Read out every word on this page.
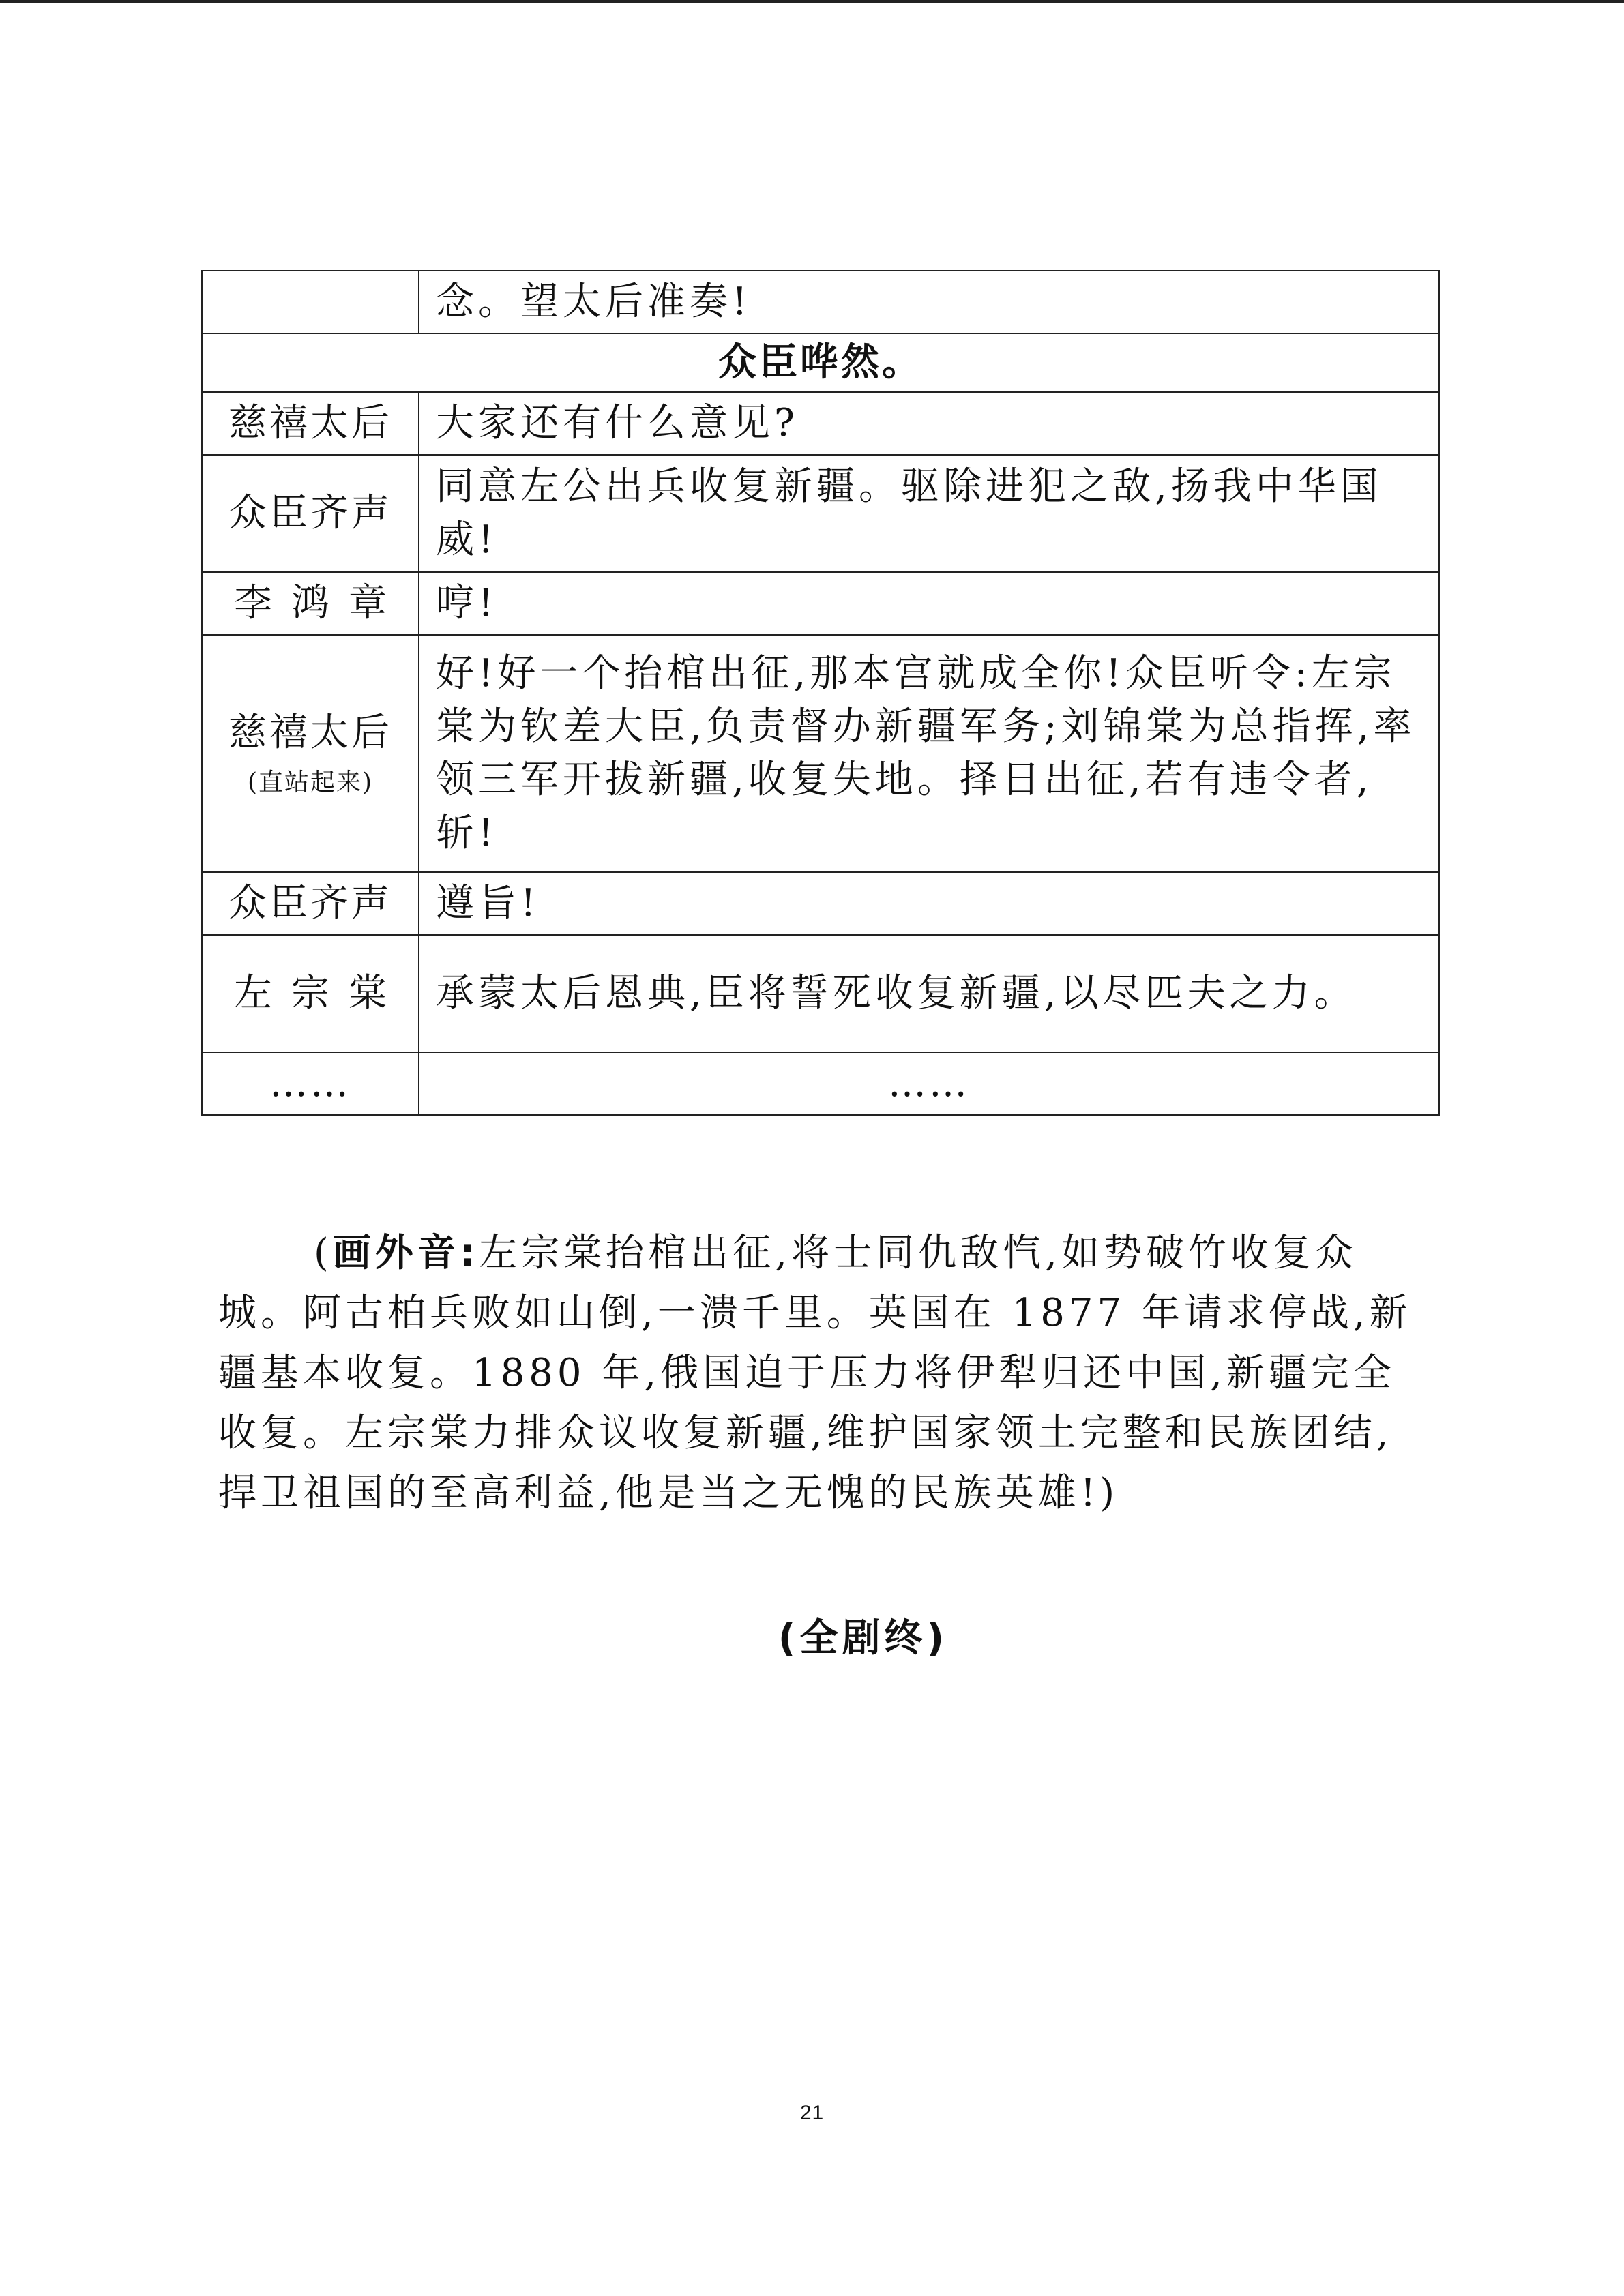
	念。望太后准奏!
众臣哗然。	
慈禧太后	大家还有什么意见?
众臣齐声	同意左公出兵收复新疆。驱除进犯之敌,扬我中华国威!
李鸿章	哼!
慈禧太后
(直站起来)	好!好一个抬棺出征,那本宫就成全你!众臣听令:左宗棠为钦差大臣,负责督办新疆军务;刘锦棠为总指挥,率领三军开拔新疆,收复失地。择日出征,若有违令者,斩!
众臣齐声	遵旨!
左宗棠	承蒙太后恩典,臣将誓死收复新疆,以尽匹夫之力。
……	……

(画外音:左宗棠抬棺出征,将士同仇敌忾,如势破竹收复众城。阿古柏兵败如山倒,一溃千里。英国在 1877 年请求停战,新疆基本收复。1880 年,俄国迫于压力将伊犁归还中国,新疆完全收复。左宗棠力排众议收复新疆,维护国家领土完整和民族团结,捍卫祖国的至高利益,他是当之无愧的民族英雄!)

(全剧终)
21
